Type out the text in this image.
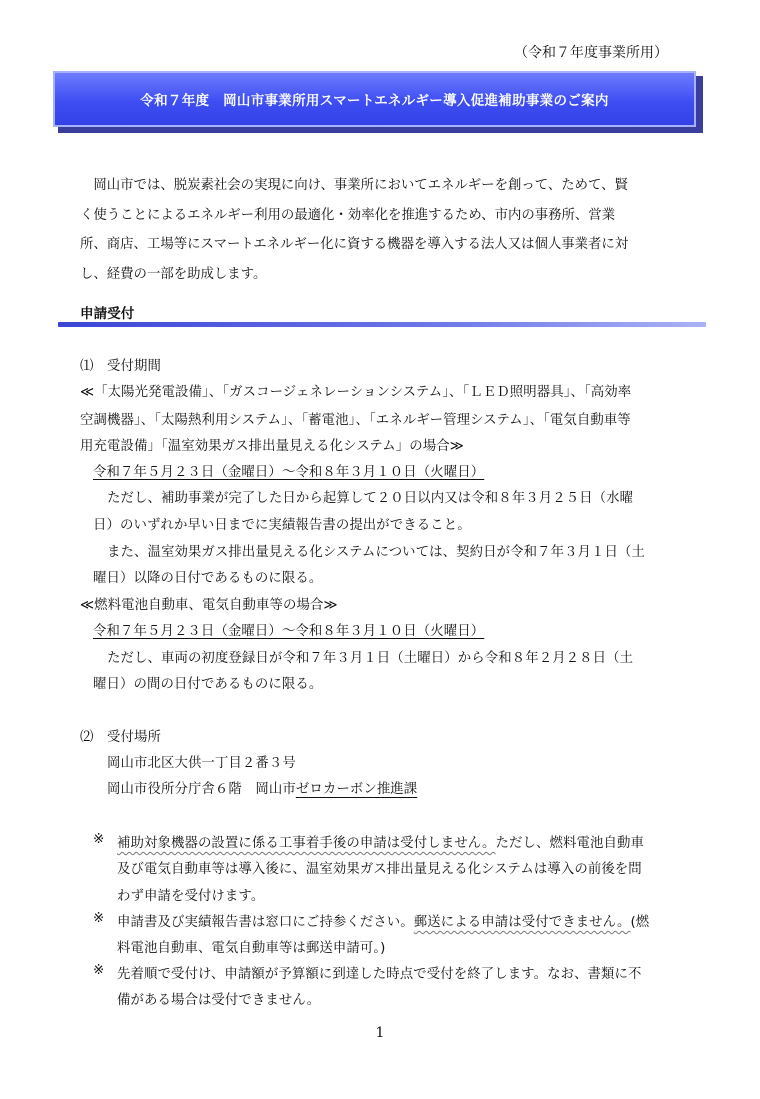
（令和７年度事業所用）
令和７年度　岡山市事業所用スマートエネルギー導入促進補助事業のご案内
　岡山市では、脱炭素社会の実現に向け、事業所においてエネルギーを創って、ためて、賢
く使うことによるエネルギー利用の最適化・効率化を推進するため、市内の事務所、営業
所、商店、工場等にスマートエネルギー化に資する機器を導入する法人又は個人事業者に対
し、経費の一部を助成します。
申請受付
⑴　受付期間
≪「太陽光発電設備」、「ガスコージェネレーションシステム」、「ＬＥＤ照明器具」、「高効率
空調機器」、「太陽熱利用システム」、「蓄電池」、「エネルギー管理システム」、「電気自動車等
用充電設備」「温室効果ガス排出量見える化システム」の場合≫
令和７年５月２３日（金曜日）～令和８年３月１０日（火曜日）
ただし、補助事業が完了した日から起算して２０日以内又は令和８年３月２５日（水曜
日）のいずれか早い日までに実績報告書の提出ができること。
また、温室効果ガス排出量見える化システムについては、契約日が令和７年３月１日（土
曜日）以降の日付であるものに限る。
≪燃料電池自動車、電気自動車等の場合≫
令和７年５月２３日（金曜日）～令和８年３月１０日（火曜日）
ただし、車両の初度登録日が令和７年３月１日（土曜日）から令和８年２月２８日（土
曜日）の間の日付であるものに限る。
⑵　受付場所
岡山市北区大供一丁目２番３号
岡山市役所分庁舎６階　岡山市ゼロカーボン推進課
※ 補助対象機器の設置に係る工事着手後の申請は受付しません。ただし、燃料電池自動車
及び電気自動車等は導入後に、温室効果ガス排出量見える化システムは導入の前後を問
わず申請を受付けます。
※ 申請書及び実績報告書は窓口にご持参ください。郵送による申請は受付できません。(燃
料電池自動車、電気自動車等は郵送申請可。)
※ 先着順で受付け、申請額が予算額に到達した時点で受付を終了します。なお、書類に不
備がある場合は受付できません。
1
